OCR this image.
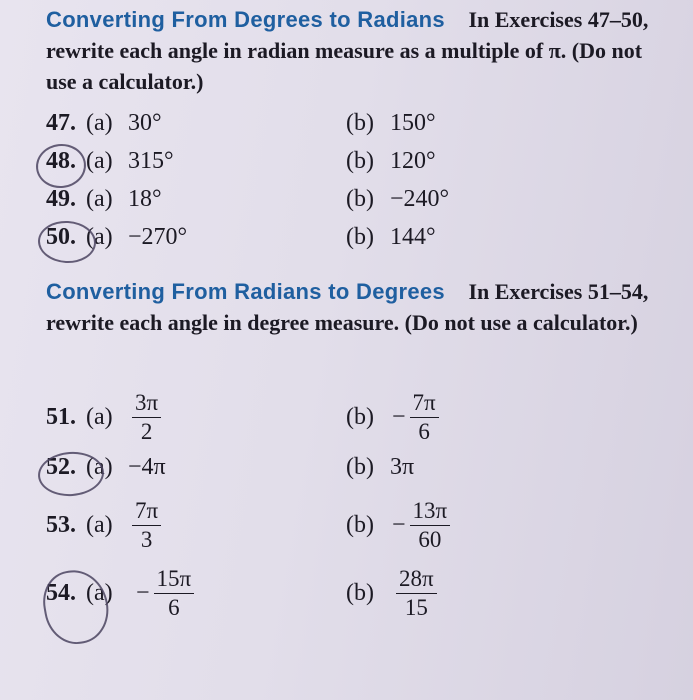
Converting From Degrees to Radians In Exercises 47–50, rewrite each angle in radian measure as a multiple of π. (Do not use a calculator.)
47. (a) 30°	(b) 150°
48. (a) 315°	(b) 120°
49. (a) 18°	(b) −240°
50. (a) −270°	(b) 144°
Converting From Radians to Degrees In Exercises 51–54, rewrite each angle in degree measure. (Do not use a calculator.)
51. $(a) \frac{3\pi}{2}$	$(b) - \frac{7\pi}{6}$
52. (a) −4π	(b) 3π
53. $(a) \frac{7\pi}{3}$	$(b) - \frac{13\pi}{60}$
54. $(a) - \frac{15\pi}{6}$	$(b) \frac{28\pi}{15}$
